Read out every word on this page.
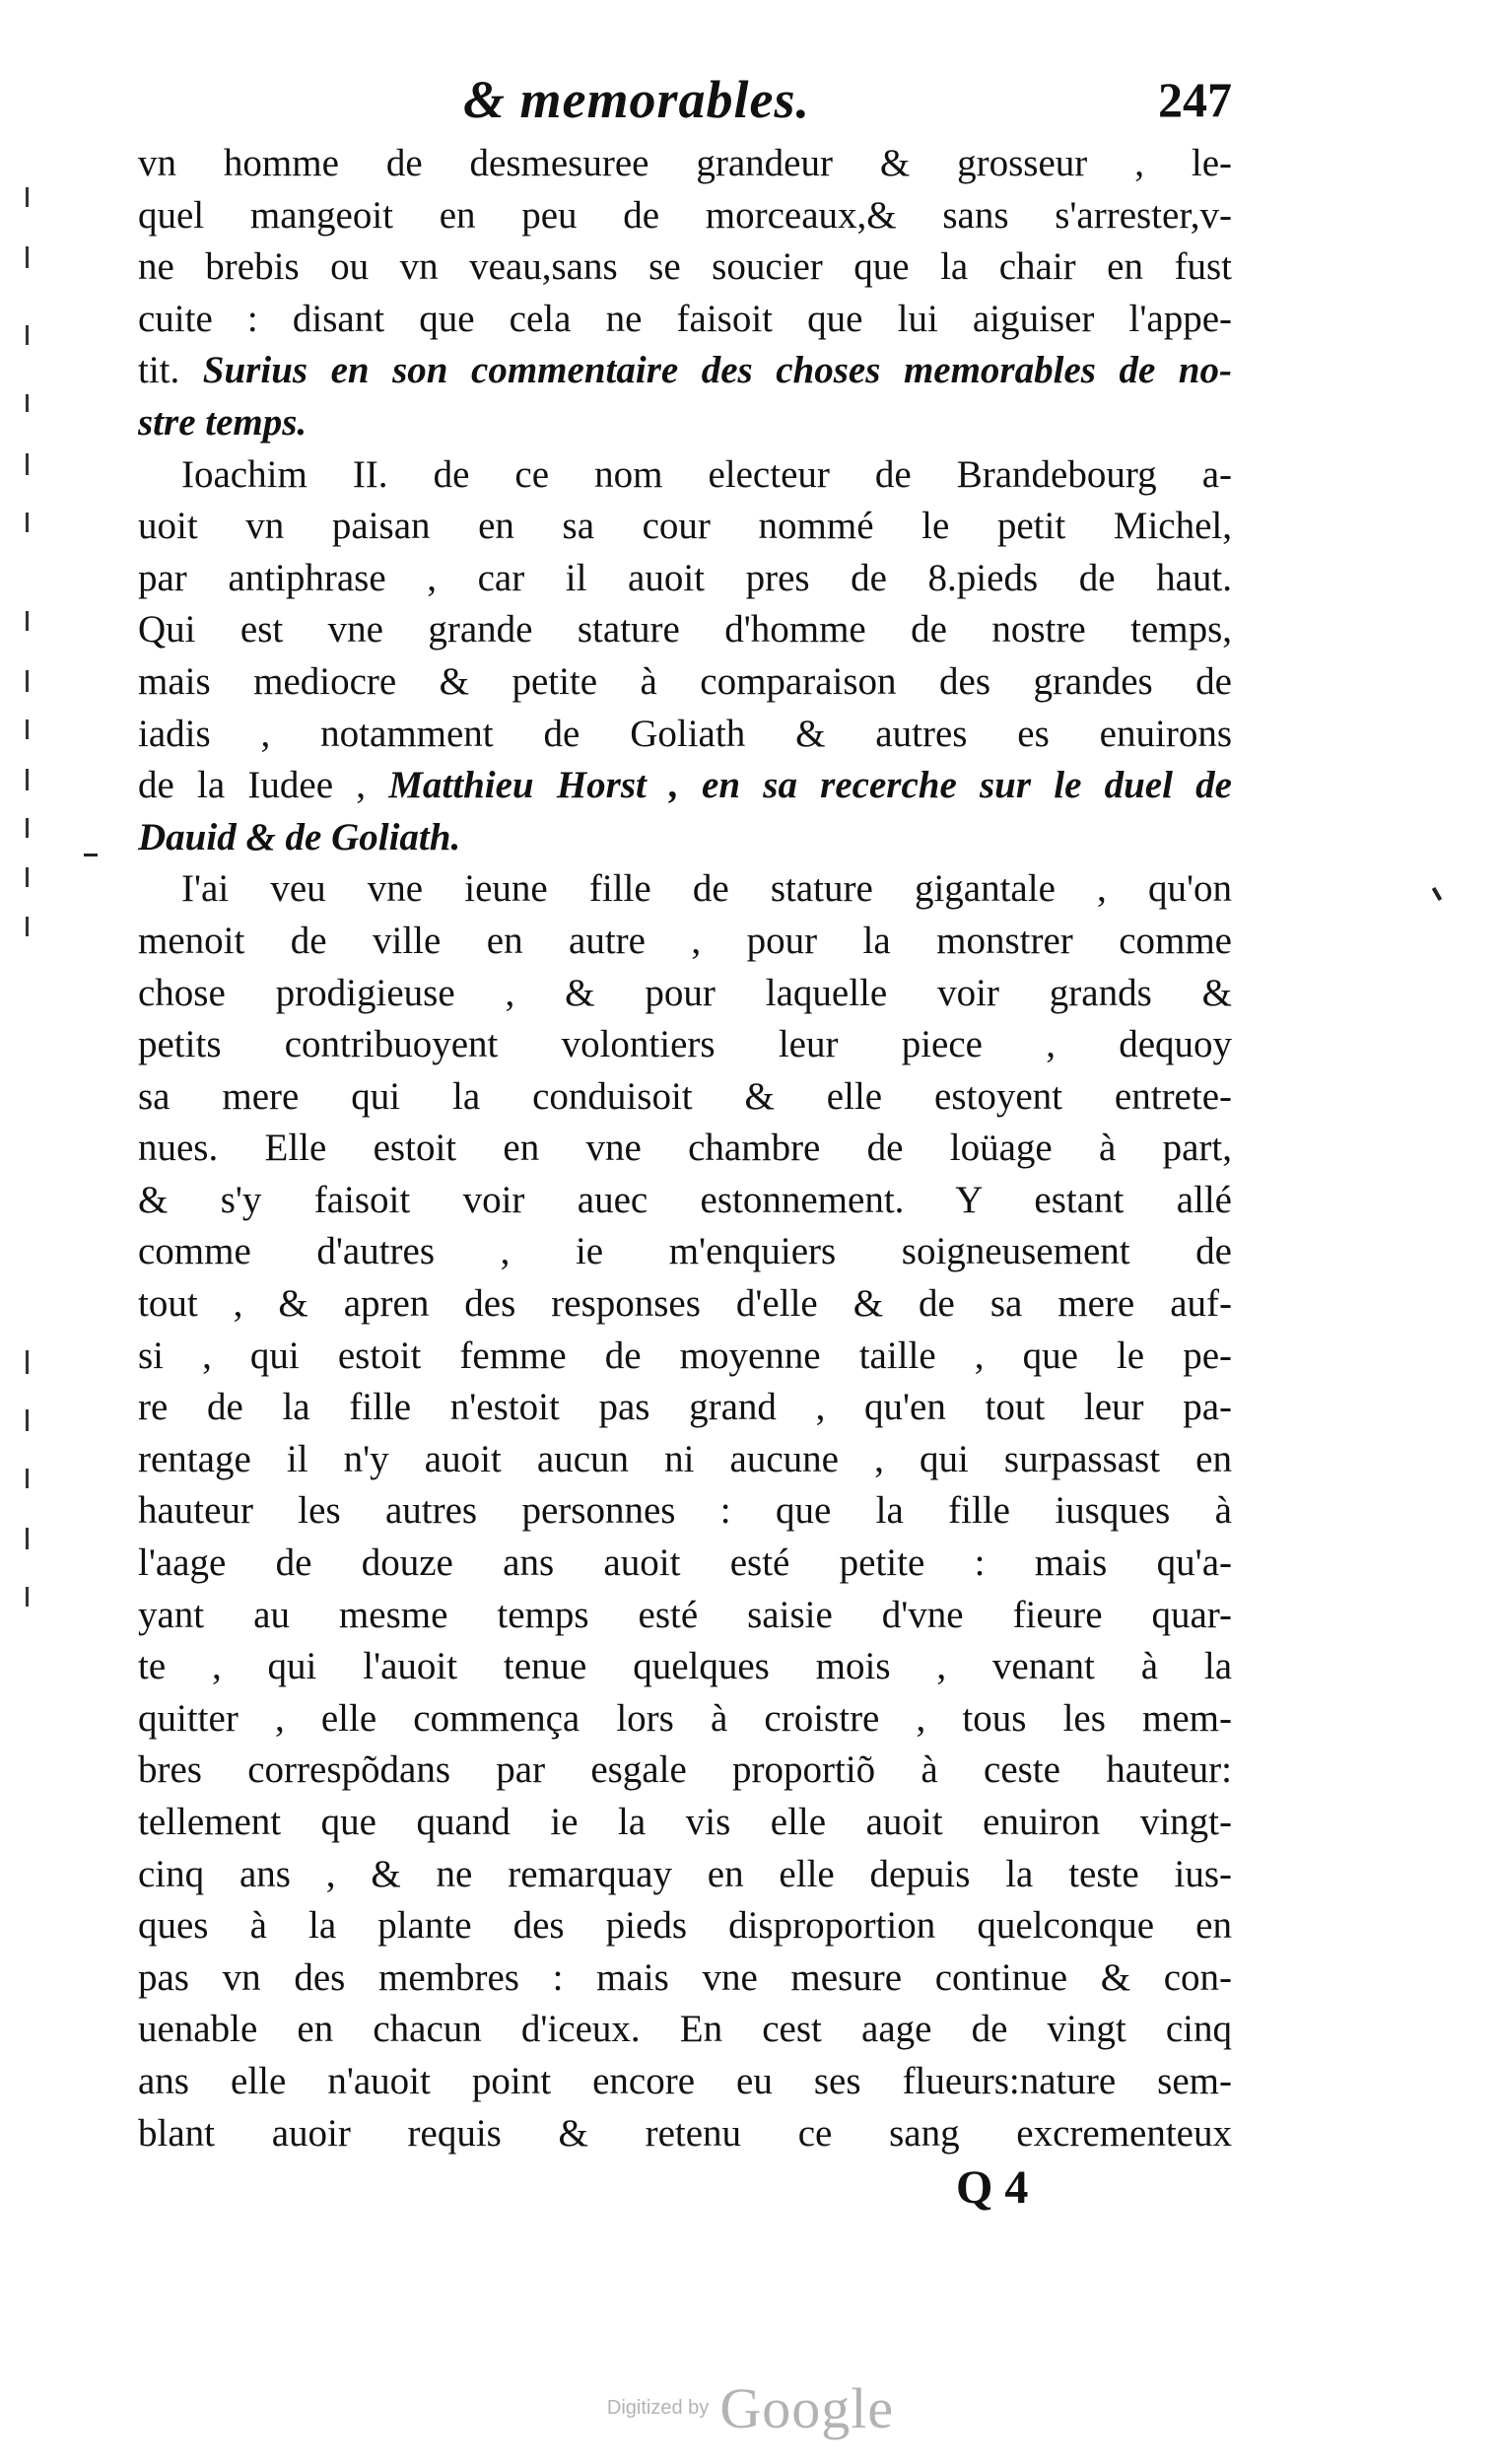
& memorables.	247
vn homme de desmesuree grandeur & grosseur , le-
quel mangeoit en peu de morceaux,& sans s'arrester,v-
ne brebis ou vn veau,sans se soucier que la chair en fust
cuite : disant que cela ne faisoit que lui aiguiser l'appe-
tit. Surius en son commentaire des choses memorables de no-
stre temps.
Ioachim II. de ce nom electeur de Brandebourg a-
uoit vn paisan en sa cour nommé le petit Michel,
par antiphrase , car il auoit pres de 8.pieds de haut.
Qui est vne grande stature d'homme de nostre temps,
mais mediocre & petite à comparaison des grandes de
iadis , notamment de Goliath & autres es enuirons
de la Iudee , Matthieu Horst , en sa recerche sur le duel de
Dauid & de Goliath.
I'ai veu vne ieune fille de stature gigantale , qu'on
menoit de ville en autre , pour la monstrer comme
chose prodigieuse , & pour laquelle voir grands &
petits contribuoyent volontiers leur piece , dequoy
sa mere qui la conduisoit & elle estoyent entrete-
nues. Elle estoit en vne chambre de loüage à part,
& s'y faisoit voir auec estonnement. Y estant allé
comme d'autres , ie m'enquiers soigneusement de
tout , & apren des responses d'elle & de sa mere auf-
si , qui estoit femme de moyenne taille , que le pe-
re de la fille n'estoit pas grand , qu'en tout leur pa-
rentage il n'y auoit aucun ni aucune , qui surpassast en
hauteur les autres personnes : que la fille iusques à
l'aage de douze ans auoit esté petite : mais qu'a-
yant au mesme temps esté saisie d'vne fieure quar-
te , qui l'auoit tenue quelques mois , venant à la
quitter , elle commença lors à croistre , tous les mem-
bres correspõdans par esgale proportiõ à ceste hauteur:
tellement que quand ie la vis elle auoit enuiron vingt-
cinq ans , & ne remarquay en elle depuis la teste ius-
ques à la plante des pieds disproportion quelconque en
pas vn des membres : mais vne mesure continue & con-
uenable en chacun d'iceux. En cest aage de vingt cinq
ans elle n'auoit point encore eu ses flueurs:nature sem-
blant auoir requis & retenu ce sang excrementeux
Q 4
Digitized by Google
